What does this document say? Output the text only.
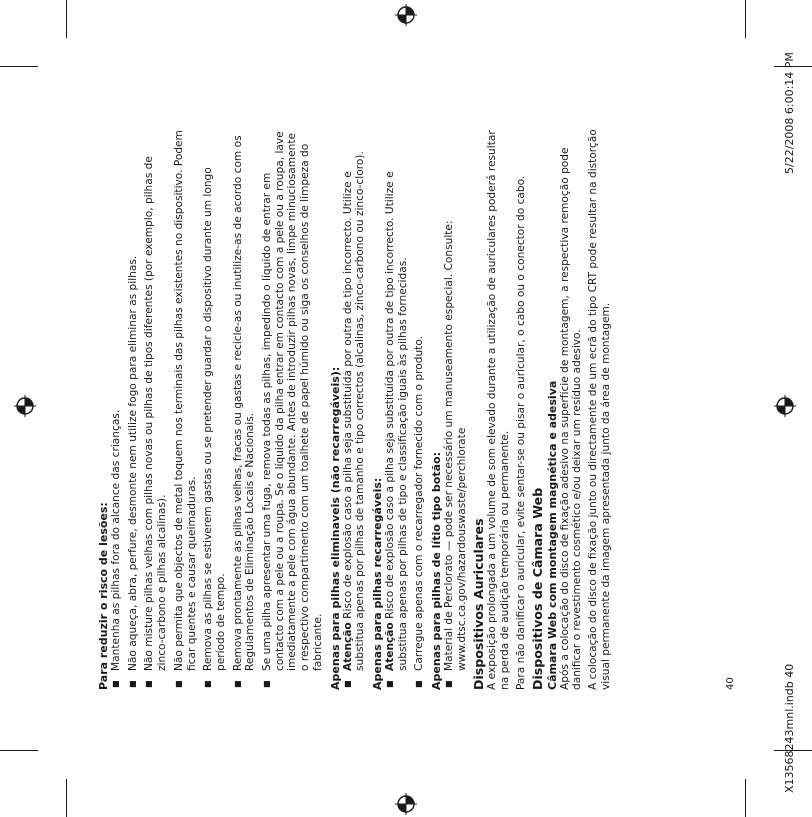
Para reduzir o risco de lesões: ■
Mantenha as pilhas fora do alcance das crianças.
■
Não aqueça, abra, perfure, desmonte nem utilize fogo para eliminar as pilhas.
■
Não misture pilhas velhas com pilhas novas ou pilhas de tipos diferentes (por exemplo, pilhas de zinco-carbono e pilhas alcalinas).
■
Não permita que objectos de metal toquem nos terminais das pilhas existentes no dispositivo. Podem ficar quentes e causar queimaduras.
■
Remova as pilhas se estiverem gastas ou se pretender guardar o dispositivo durante um longo período de tempo.
■
Remova prontamente as pilhas velhas, fracas ou gastas e recicle-as ou inutilize-as de acordo com os Regulamentos de Eliminação Locais e Nacionais.
■
Se uma pilha apresentar uma fuga, remova todas as pilhas, impedindo o líquido de entrar em contacto com a pele ou a roupa. Se o líquido da pilha entrar em contacto com a pele ou a roupa, lave imediatamente a pele com água abundante. Antes de introduzir pilhas novas, limpe minuciosamente o respectivo compartimento com um toalhete de papel húmido ou siga os conselhos de limpeza do fabricante. Apenas para pilhas eliminaveis (não recarregáveis): ■
Atenção Risco de explosão caso a pilha seja substituída por outra de tipo incorrecto. Utilize e substitua apenas por pilhas de tamanho e tipo correctos (alcalinas, zinco-carbono ou zinco-cloro). Apenas para pilhas recarregáveis: ■
Atenção Risco de explosão caso a pilha seja substituída por outra de tipo incorrecto. Utilize e substitua apenas por pilhas de tipo e classificação iguais às pilhas fornecidas.
■
Carregue apenas com o recarregador fornecido com o produto. Apenas para pilhas de lítio tipo botão: ■
Material de Perclorato — pode ser necessário um manuseamento especial. Consulte: www.dtsc.ca.gov/hazardouswaste/perchlorate Dispositivos Auriculares A exposição prolongada a um volume de som elevado durante a utilização de auriculares poderá resultar na perda de audição temporária ou permanente. Para não danificar o auricular, evite sentar-se ou pisar o auricular, o cabo ou o conector do cabo. Dispositivos de Câmara Web Câmara Web com montagem magnética e adesiva Após a colocação do disco de fixação adesivo na superfície de montagem, a respectiva remoção pode danificar o revestimento cosmético e/ou deixar um resíduo adesivo. A colocação do disco de fixação junto ou directamente de um ecrã do tipo CRT pode resultar na distorção visual permanente da imagem apresentada junto da área de montagem.	40	X13568243mnl.indb 40
5/22/2008 6:00:14 PM
